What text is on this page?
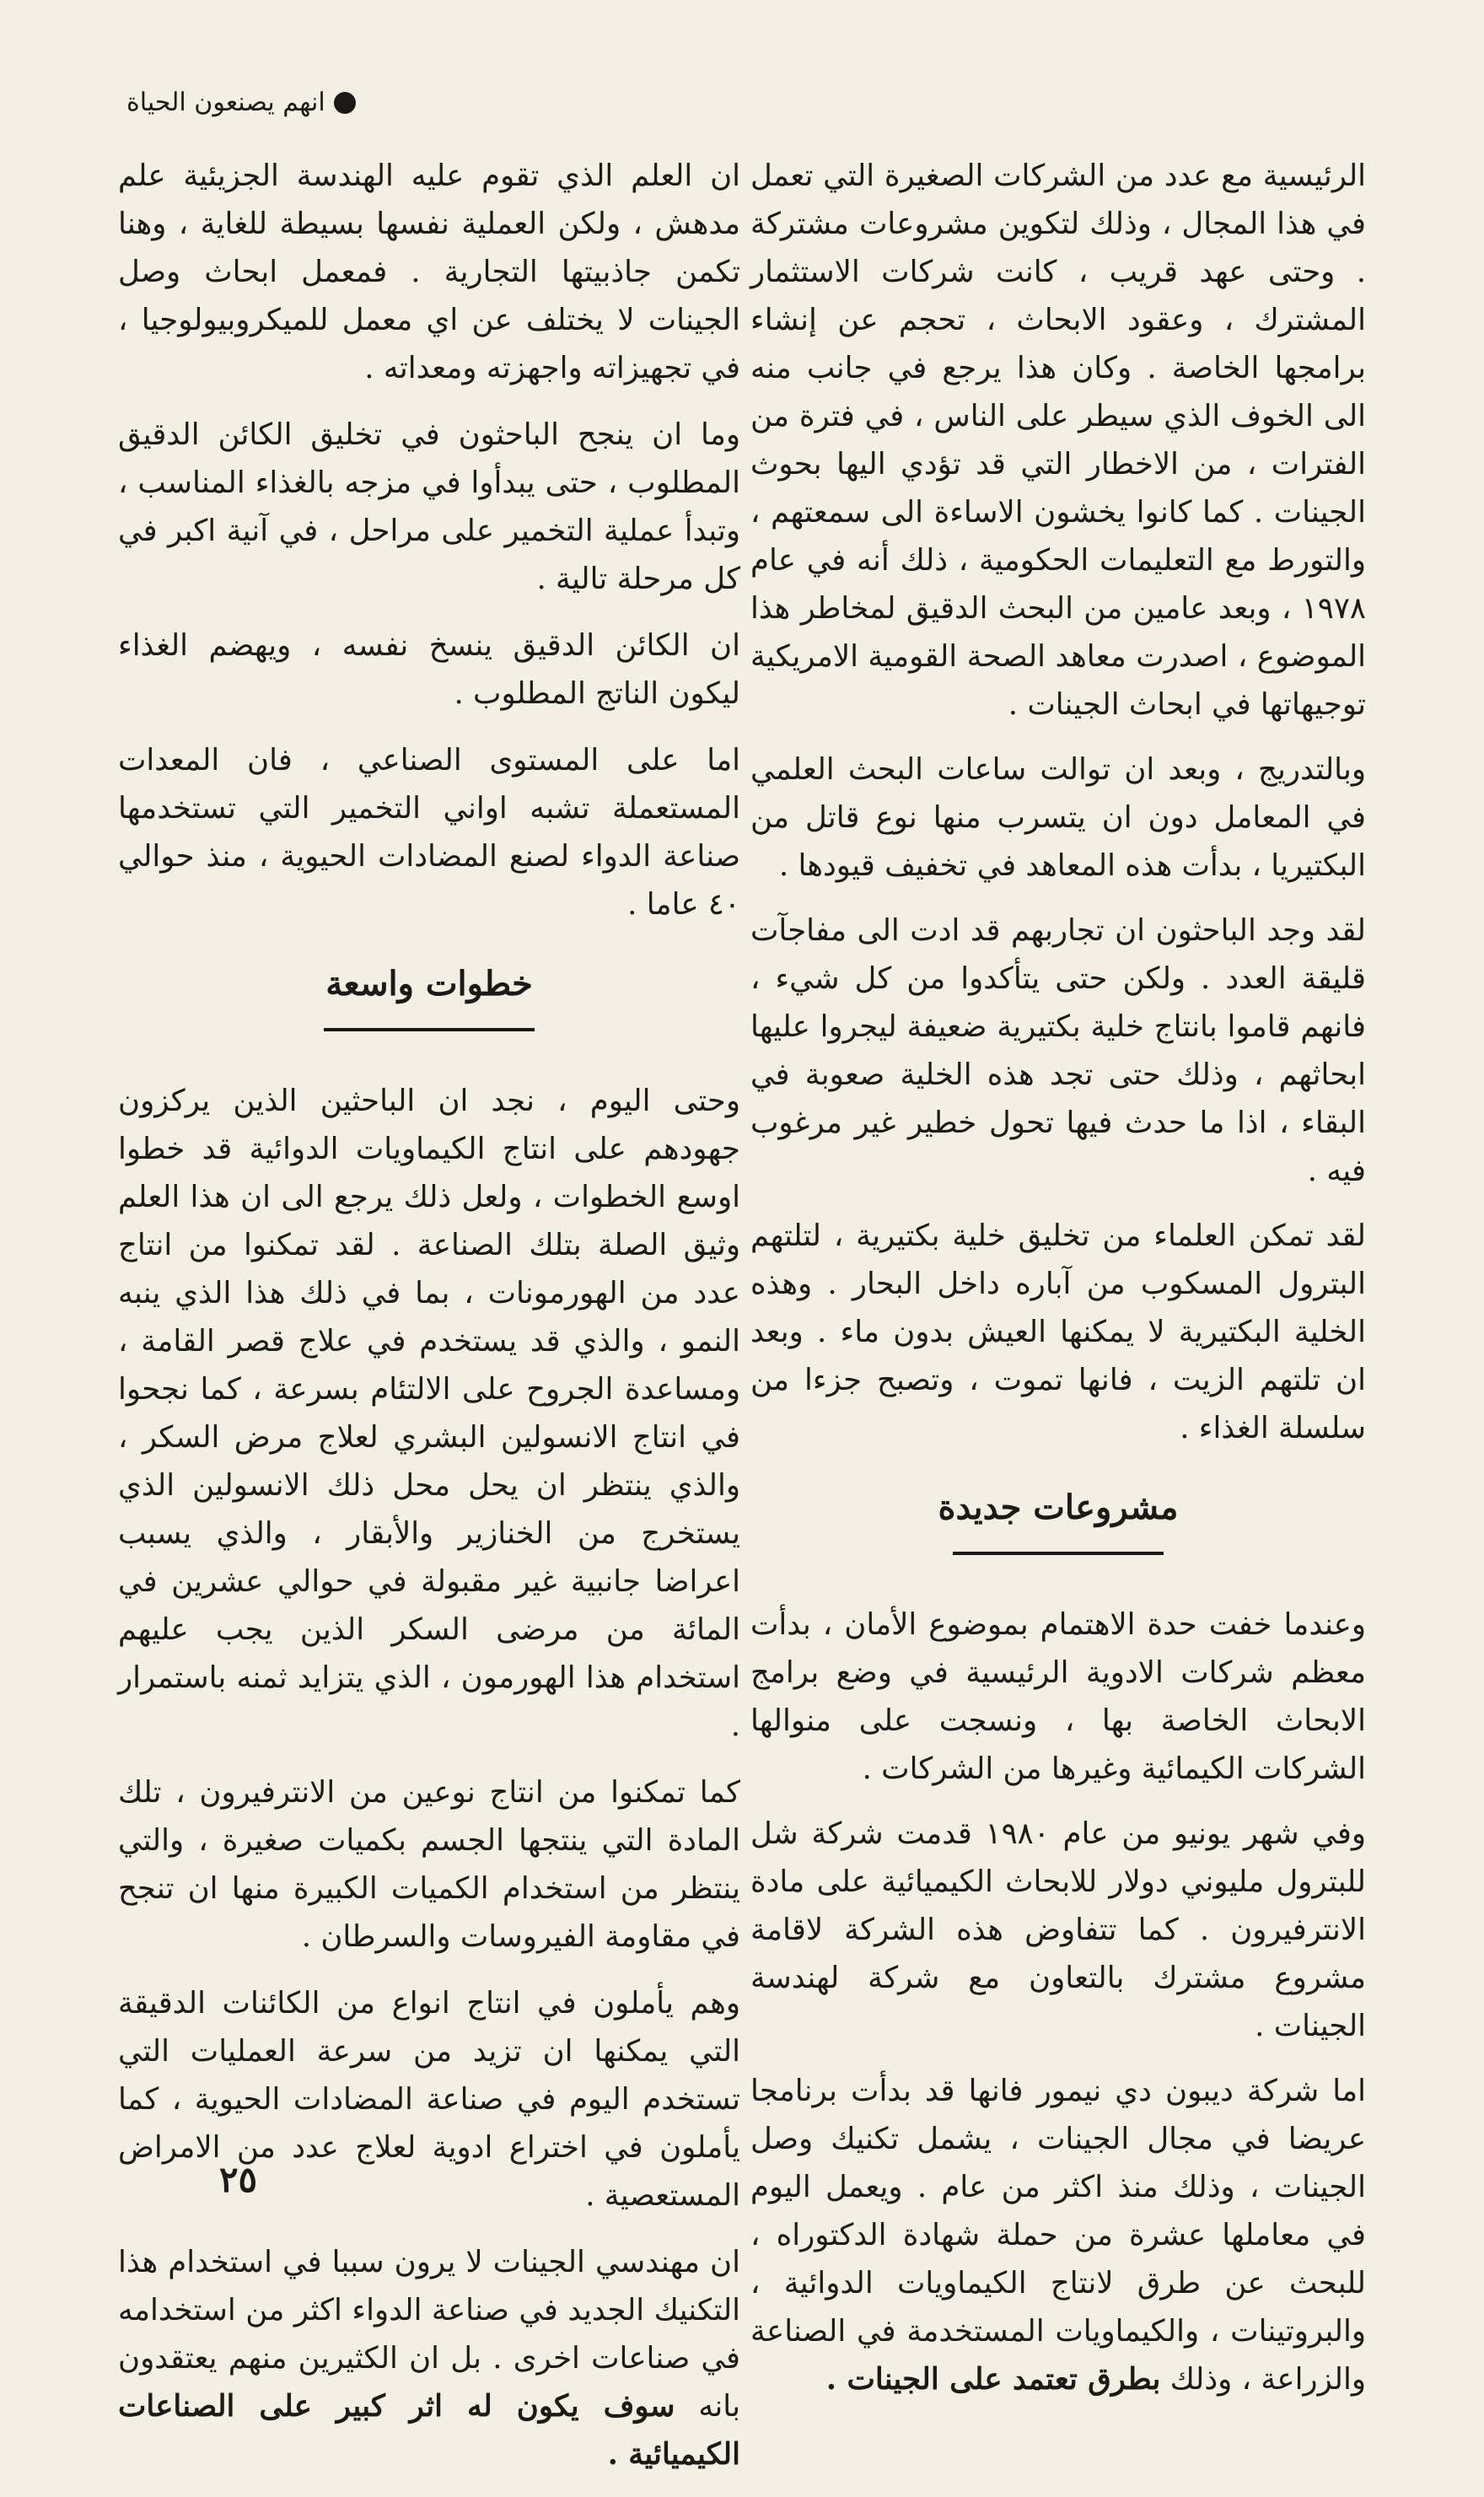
انهم يصنعون الحياة

الرئيسية مع عدد من الشركات الصغيرة التي تعمل في هذا المجال ، وذلك لتكوين مشروعات مشتركة . وحتى عهد قريب ، كانت شركات الاستثمار المشترك ، وعقود الابحاث ، تحجم عن إنشاء برامجها الخاصة . وكان هذا يرجع في جانب منه الى الخوف الذي سيطر على الناس ، في فترة من الفترات ، من الاخطار التي قد تؤدي اليها بحوث الجينات . كما كانوا يخشون الاساءة الى سمعتهم ، والتورط مع التعليمات الحكومية ، ذلك أنه في عام ١٩٧٨ ، وبعد عامين من البحث الدقيق لمخاطر هذا الموضوع ، اصدرت معاهد الصحة القومية الامريكية توجيهاتها في ابحاث الجينات .

وبالتدريج ، وبعد ان توالت ساعات البحث العلمي في المعامل دون ان يتسرب منها نوع قاتل من البكتيريا ، بدأت هذه المعاهد في تخفيف قيودها .

لقد وجد الباحثون ان تجاربهم قد ادت الى مفاجآت قليقة العدد . ولكن حتى يتأكدوا من كل شيء ، فانهم قاموا بانتاج خلية بكتيرية ضعيفة ليجروا عليها ابحاثهم ، وذلك حتى تجد هذه الخلية صعوبة في البقاء ، اذا ما حدث فيها تحول خطير غير مرغوب فيه .

لقد تمكن العلماء من تخليق خلية بكتيرية ، لتلتهم البترول المسكوب من آباره داخل البحار . وهذه الخلية البكتيرية لا يمكنها العيش بدون ماء . وبعد ان تلتهم الزيت ، فانها تموت ، وتصبح جزءا من سلسلة الغذاء .

مشروعات جديدة

وعندما خفت حدة الاهتمام بموضوع الأمان ، بدأت معظم شركات الادوية الرئيسية في وضع برامج الابحاث الخاصة بها ، ونسجت على منوالها الشركات الكيمائية وغيرها من الشركات .

وفي شهر يونيو من عام ١٩٨٠ قدمت شركة شل للبترول مليوني دولار للابحاث الكيميائية على مادة الانترفيرون . كما تتفاوض هذه الشركة لاقامة مشروع مشترك بالتعاون مع شركة لهندسة الجينات .

اما شركة ديبون دي نيمور فانها قد بدأت برنامجا عريضا في مجال الجينات ، يشمل تكنيك وصل الجينات ، وذلك منذ اكثر من عام . ويعمل اليوم في معاملها عشرة من حملة شهادة الدكتوراه ، للبحث عن طرق لانتاج الكيماويات الدوائية ، والبروتينات ، والكيماويات المستخدمة في الصناعة والزراعة ، وذلك بطرق تعتمد على الجينات .

ان العلم الذي تقوم عليه الهندسة الجزيئية علم مدهش ، ولكن العملية نفسها بسيطة للغاية ، وهنا تكمن جاذبيتها التجارية . فمعمل ابحاث وصل الجينات لا يختلف عن اي معمل للميكروبيولوجيا ، في تجهيزاته واجهزته ومعداته .

وما ان ينجح الباحثون في تخليق الكائن الدقيق المطلوب ، حتى يبدأوا في مزجه بالغذاء المناسب ، وتبدأ عملية التخمير على مراحل ، في آنية اكبر في كل مرحلة تالية .

ان الكائن الدقيق ينسخ نفسه ، ويهضم الغذاء ليكون الناتج المطلوب .

اما على المستوى الصناعي ، فان المعدات المستعملة تشبه اواني التخمير التي تستخدمها صناعة الدواء لصنع المضادات الحيوية ، منذ حوالي ٤٠ عاما .

خطوات واسعة

وحتى اليوم ، نجد ان الباحثين الذين يركزون جهودهم على انتاج الكيماويات الدوائية قد خطوا اوسع الخطوات ، ولعل ذلك يرجع الى ان هذا العلم وثيق الصلة بتلك الصناعة . لقد تمكنوا من انتاج عدد من الهورمونات ، بما في ذلك هذا الذي ينبه النمو ، والذي قد يستخدم في علاج قصر القامة ، ومساعدة الجروح على الالتئام بسرعة ، كما نجحوا في انتاج الانسولين البشري لعلاج مرض السكر ، والذي ينتظر ان يحل محل ذلك الانسولين الذي يستخرج من الخنازير والأبقار ، والذي يسبب اعراضا جانبية غير مقبولة في حوالي عشرين في المائة من مرضى السكر الذين يجب عليهم استخدام هذا الهورمون ، الذي يتزايد ثمنه باستمرار .

كما تمكنوا من انتاج نوعين من الانترفيرون ، تلك المادة التي ينتجها الجسم بكميات صغيرة ، والتي ينتظر من استخدام الكميات الكبيرة منها ان تنجح في مقاومة الفيروسات والسرطان .

وهم يأملون في انتاج انواع من الكائنات الدقيقة التي يمكنها ان تزيد من سرعة العمليات التي تستخدم اليوم في صناعة المضادات الحيوية ، كما يأملون في اختراع ادوية لعلاج عدد من الامراض المستعصية .

ان مهندسي الجينات لا يرون سببا في استخدام هذا التكنيك الجديد في صناعة الدواء اكثر من استخدامه في صناعات اخرى . بل ان الكثيرين منهم يعتقدون بانه سوف يكون له اثر كبير على الصناعات الكيميائية .

٢٥
